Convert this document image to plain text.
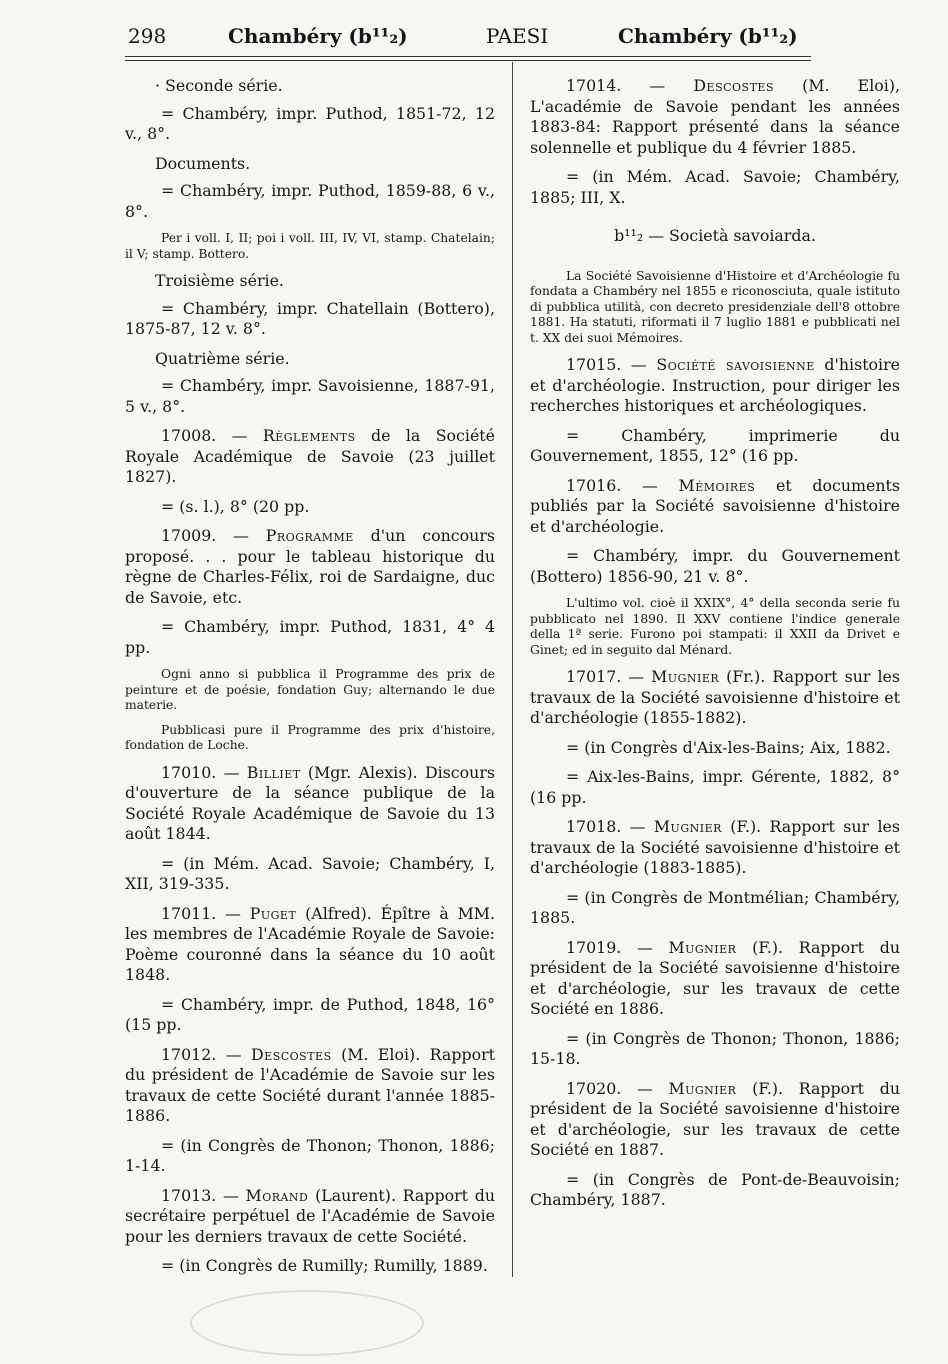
298	Chambéry (b¹¹₂)	PAESI	Chambéry (b¹¹₂)

· Seconde série.

= Chambéry, impr. Puthod, 1851-72, 12 v., 8°.

Documents.

= Chambéry, impr. Puthod, 1859-88, 6 v., 8°.

Per i voll. I, II; poi i voll. III, IV, VI, stamp. Chatelain; il V; stamp. Bottero.

Troisième série.

= Chambéry, impr. Chatellain (Bottero), 1875-87, 12 v. 8°.

Quatrième série.

= Chambéry, impr. Savoisienne, 1887-91, 5 v., 8°.

17008. — Règlements de la Société Royale Académique de Savoie (23 juillet 1827).

= (s. l.), 8° (20 pp.

17009. — Programme d'un concours proposé. . . pour le tableau historique du règne de Charles-Félix, roi de Sardaigne, duc de Savoie, etc.

= Chambéry, impr. Puthod, 1831, 4° 4 pp.

Ogni anno si pubblica il Programme des prix de peinture et de poésie, fondation Guy; alternando le due materie.

Pubblicasi pure il Programme des prix d'histoire, fondation de Loche.

17010. — Billiet (Mgr. Alexis). Discours d'ouverture de la séance publique de la Société Royale Académique de Savoie du 13 août 1844.

= (in Mém. Acad. Savoie; Chambéry, I, XII, 319-335.

17011. — Puget (Alfred). Épître à MM. les membres de l'Académie Royale de Savoie: Poème couronné dans la séance du 10 août 1848.

= Chambéry, impr. de Puthod, 1848, 16° (15 pp.

17012. — Descostes (M. Eloi). Rapport du président de l'Académie de Savoie sur les travaux de cette Société durant l'année 1885-1886.

= (in Congrès de Thonon; Thonon, 1886; 1-14.

17013. — Morand (Laurent). Rapport du secrétaire perpétuel de l'Académie de Savoie pour les derniers travaux de cette Société.

= (in Congrès de Rumilly; Rumilly, 1889.

17014. — Descostes (M. Eloi), L'académie de Savoie pendant les années 1883-84: Rapport présenté dans la séance solennelle et publique du 4 février 1885.

= (in Mém. Acad. Savoie; Chambéry, 1885; III, X.

b¹¹₂ — Società savoiarda.

La Société Savoisienne d'Histoire et d'Archéologie fu fondata a Chambéry nel 1855 e riconosciuta, quale istituto di pubblica utilità, con decreto presidenziale dell'8 ottobre 1881. Ha statuti, riformati il 7 luglio 1881 e pubblicati nel t. XX dei suoi Mémoires.

17015. — Société savoisienne d'histoire et d'archéologie. Instruction, pour diriger les recherches historiques et archéologiques.

= Chambéry, imprimerie du Gouvernement, 1855, 12° (16 pp.

17016. — Mémoires et documents publiés par la Société savoisienne d'histoire et d'archéologie.

= Chambéry, impr. du Gouvernement (Bottero) 1856-90, 21 v. 8°.

L'ultimo vol. cioè il XXIX°, 4° della seconda serie fu pubblicato nel 1890. Il XXV contiene l'indice generale della 1ª serie. Furono poi stampati: il XXII da Drivet e Ginet; ed in seguito dal Ménard.

17017. — Mugnier (Fr.). Rapport sur les travaux de la Société savoisienne d'histoire et d'archéologie (1855-1882).

= (in Congrès d'Aix-les-Bains; Aix, 1882.

= Aix-les-Bains, impr. Gérente, 1882, 8° (16 pp.

17018. — Mugnier (F.). Rapport sur les travaux de la Société savoisienne d'histoire et d'archéologie (1883-1885).

= (in Congrès de Montmélian; Chambéry, 1885.

17019. — Mugnier (F.). Rapport du président de la Société savoisienne d'histoire et d'archéologie, sur les travaux de cette Société en 1886.

= (in Congrès de Thonon; Thonon, 1886; 15-18.

17020. — Mugnier (F.). Rapport du président de la Société savoisienne d'histoire et d'archéologie, sur les travaux de cette Société en 1887.

= (in Congrès de Pont-de-Beauvoisin; Chambéry, 1887.
